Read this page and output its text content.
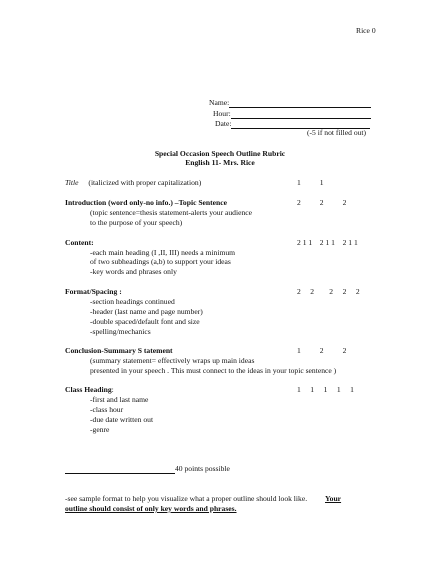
Rice 0
Name:
Hour:
Date:
(-5 if not filled out)
Special Occasion Speech Outline Rubric
English 11- Mrs. Rice
Title (italicized with proper capitalization)	1          1
Introduction (word only-no info.) –Topic Sentence	2          2          2
(topic sentence=thesis statement-alerts your audience
to the purpose of your speech)
Content:	2 1 1    2 1 1    2 1 1
-each main heading (I ,II, III) needs a minimum
of two subheadings (a,b) to support your ideas
-key words and phrases only
Format/Spacing :	2     2        2     2     2
-section headings continued
-header (last name and page number)
-double spaced/default font and size
-spelling/mechanics
Conclusion-Summary S tatement	1          2          2
(summary statement= effectively wraps up main ideas
presented in your speech . This must connect to the ideas in your topic sentence )
Class Heading:	1     1     1     1     1
-first and last name
-class hour
-due date written out
-genre
40 points possible
-see sample format to help you visualize what a proper outline should look like. Your
outline should consist of only key words and phrases.
